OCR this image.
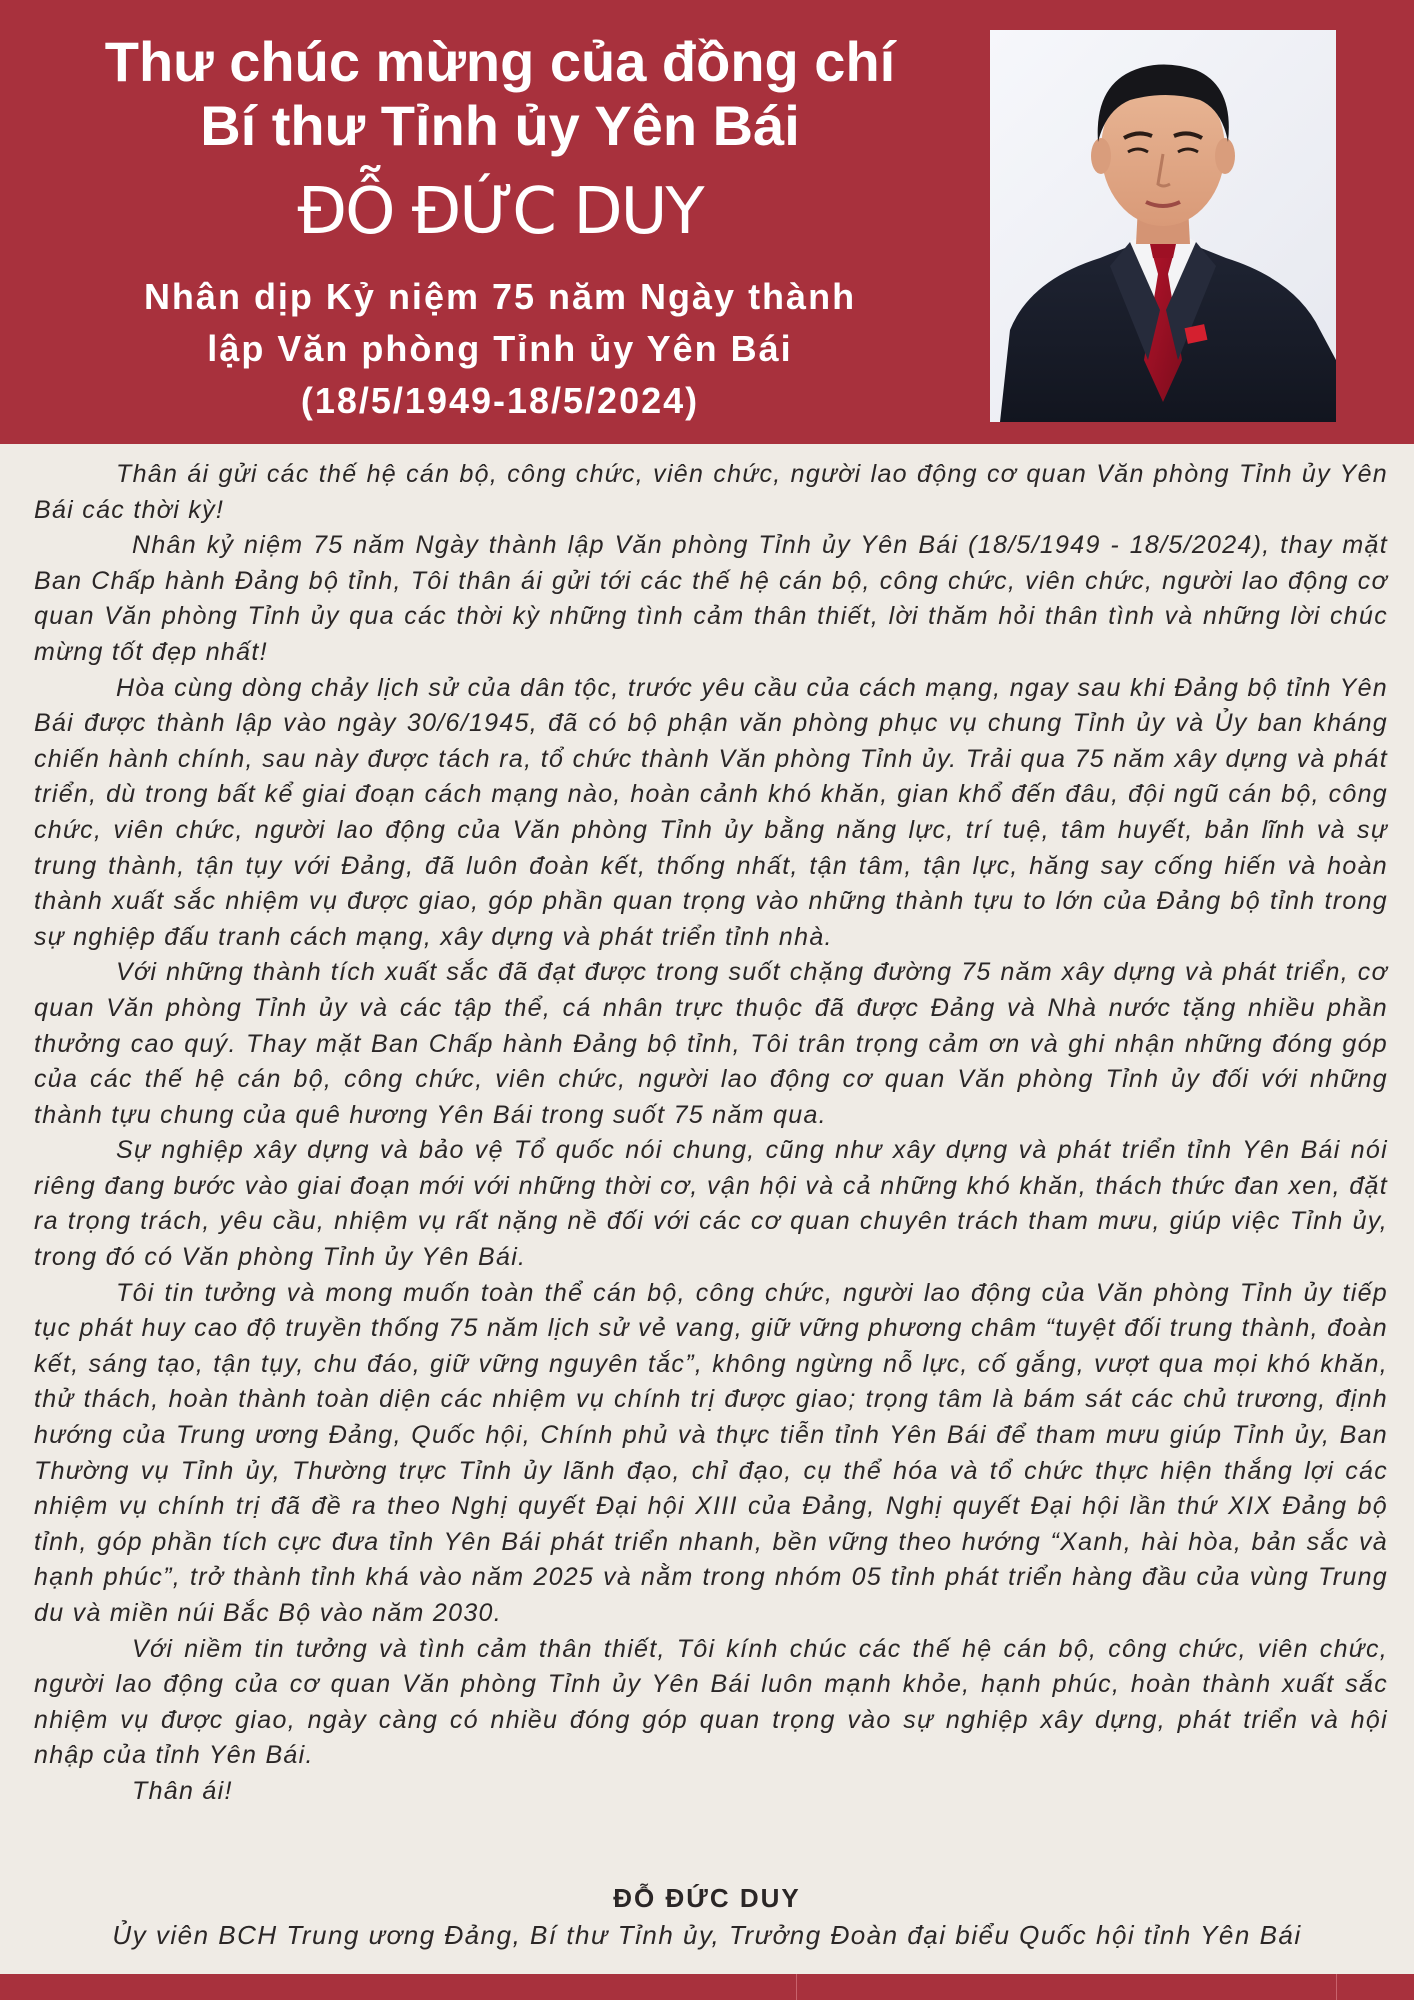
Thư chúc mừng của đồng chí
Bí thư Tỉnh ủy Yên Bái
ĐỖ ĐỨC DUY
Nhân dịp Kỷ niệm 75 năm Ngày thành
lập Văn phòng Tỉnh ủy Yên Bái
(18/5/1949-18/5/2024)

Thân ái gửi các thế hệ cán bộ, công chức, viên chức, người lao động cơ quan Văn phòng Tỉnh ủy Yên Bái các thời kỳ!

Nhân kỷ niệm 75 năm Ngày thành lập Văn phòng Tỉnh ủy Yên Bái (18/5/1949 - 18/5/2024), thay mặt Ban Chấp hành Đảng bộ tỉnh, Tôi thân ái gửi tới các thế hệ cán bộ, công chức, viên chức, người lao động cơ quan Văn phòng Tỉnh ủy qua các thời kỳ những tình cảm thân thiết, lời thăm hỏi thân tình và những lời chúc mừng tốt đẹp nhất!

Hòa cùng dòng chảy lịch sử của dân tộc, trước yêu cầu của cách mạng, ngay sau khi Đảng bộ tỉnh Yên Bái được thành lập vào ngày 30/6/1945, đã có bộ phận văn phòng phục vụ chung Tỉnh ủy và Ủy ban kháng chiến hành chính, sau này được tách ra, tổ chức thành Văn phòng Tỉnh ủy. Trải qua 75 năm xây dựng và phát triển, dù trong bất kể giai đoạn cách mạng nào, hoàn cảnh khó khăn, gian khổ đến đâu, đội ngũ cán bộ, công chức, viên chức, người lao động của Văn phòng Tỉnh ủy bằng năng lực, trí tuệ, tâm huyết, bản lĩnh và sự trung thành, tận tụy với Đảng, đã luôn đoàn kết, thống nhất, tận tâm, tận lực, hăng say cống hiến và hoàn thành xuất sắc nhiệm vụ được giao, góp phần quan trọng vào những thành tựu to lớn của Đảng bộ tỉnh trong sự nghiệp đấu tranh cách mạng, xây dựng và phát triển tỉnh nhà.

Với những thành tích xuất sắc đã đạt được trong suốt chặng đường 75 năm xây dựng và phát triển, cơ quan Văn phòng Tỉnh ủy và các tập thể, cá nhân trực thuộc đã được Đảng và Nhà nước tặng nhiều phần thưởng cao quý. Thay mặt Ban Chấp hành Đảng bộ tỉnh, Tôi trân trọng cảm ơn và ghi nhận những đóng góp của các thế hệ cán bộ, công chức, viên chức, người lao động cơ quan Văn phòng Tỉnh ủy đối với những thành tựu chung của quê hương Yên Bái trong suốt 75 năm qua.

Sự nghiệp xây dựng và bảo vệ Tổ quốc nói chung, cũng như xây dựng và phát triển tỉnh Yên Bái nói riêng đang bước vào giai đoạn mới với những thời cơ, vận hội và cả những khó khăn, thách thức đan xen, đặt ra trọng trách, yêu cầu, nhiệm vụ rất nặng nề đối với các cơ quan chuyên trách tham mưu, giúp việc Tỉnh ủy, trong đó có Văn phòng Tỉnh ủy Yên Bái.

Tôi tin tưởng và mong muốn toàn thể cán bộ, công chức, người lao động của Văn phòng Tỉnh ủy tiếp tục phát huy cao độ truyền thống 75 năm lịch sử vẻ vang, giữ vững phương châm “tuyệt đối trung thành, đoàn kết, sáng tạo, tận tụy, chu đáo, giữ vững nguyên tắc”, không ngừng nỗ lực, cố gắng, vượt qua mọi khó khăn, thử thách, hoàn thành toàn diện các nhiệm vụ chính trị được giao; trọng tâm là bám sát các chủ trương, định hướng của Trung ương Đảng, Quốc hội, Chính phủ và thực tiễn tỉnh Yên Bái để tham mưu giúp Tỉnh ủy, Ban Thường vụ Tỉnh ủy, Thường trực Tỉnh ủy lãnh đạo, chỉ đạo, cụ thể hóa và tổ chức thực hiện thắng lợi các nhiệm vụ chính trị đã đề ra theo Nghị quyết Đại hội XIII của Đảng, Nghị quyết Đại hội lần thứ XIX Đảng bộ tỉnh, góp phần tích cực đưa tỉnh Yên Bái phát triển nhanh, bền vững theo hướng “Xanh, hài hòa, bản sắc và hạnh phúc”, trở thành tỉnh khá vào năm 2025 và nằm trong nhóm 05 tỉnh phát triển hàng đầu của vùng Trung du và miền núi Bắc Bộ vào năm 2030.

Với niềm tin tưởng và tình cảm thân thiết, Tôi kính chúc các thế hệ cán bộ, công chức, viên chức, người lao động của cơ quan Văn phòng Tỉnh ủy Yên Bái luôn mạnh khỏe, hạnh phúc, hoàn thành xuất sắc nhiệm vụ được giao, ngày càng có nhiều đóng góp quan trọng vào sự nghiệp xây dựng, phát triển và hội nhập của tỉnh Yên Bái.

Thân ái!

ĐỖ ĐỨC DUY
Ủy viên BCH Trung ương Đảng, Bí thư Tỉnh ủy, Trưởng Đoàn đại biểu Quốc hội tỉnh Yên Bái
